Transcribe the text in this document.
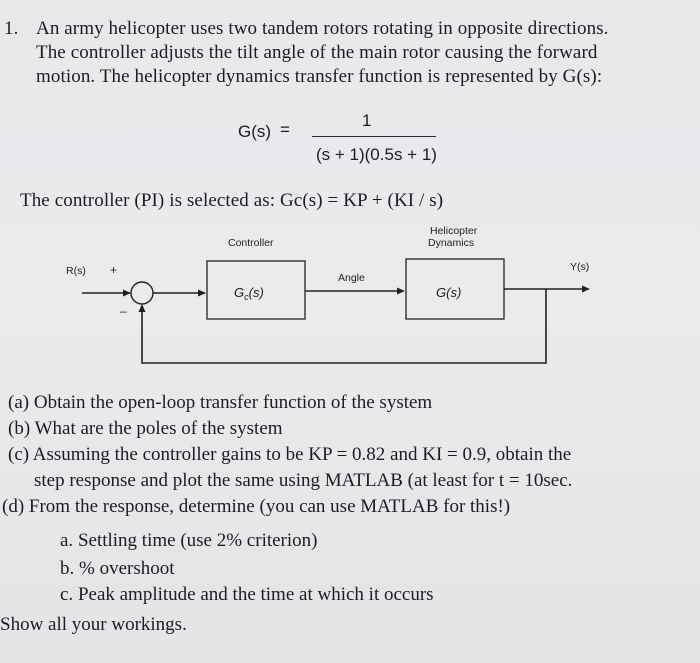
1. An army helicopter uses two tandem rotors rotating in opposite directions.
The controller adjusts the tilt angle of the main rotor causing the forward
motion. The helicopter dynamics transfer function is represented by G(s):
G(s) =	1
(s + 1)(0.5s + 1)
The controller (PI) is selected as: Gc(s) = KP + (KI / s)
Controller
Helicopter
Dynamics
R(s) +
–
Y(s)
Angle
$G_c(s)$	G(s)
(a) Obtain the open-loop transfer function of the system
(b) What are the poles of the system
(c) Assuming the controller gains to be KP = 0.82 and KI = 0.9, obtain the
step response and plot the same using MATLAB (at least for t = 10sec.
(d) From the response, determine (you can use MATLAB for this!)
a. Settling time (use 2% criterion)
b. % overshoot
c. Peak amplitude and the time at which it occurs
Show all your workings.
